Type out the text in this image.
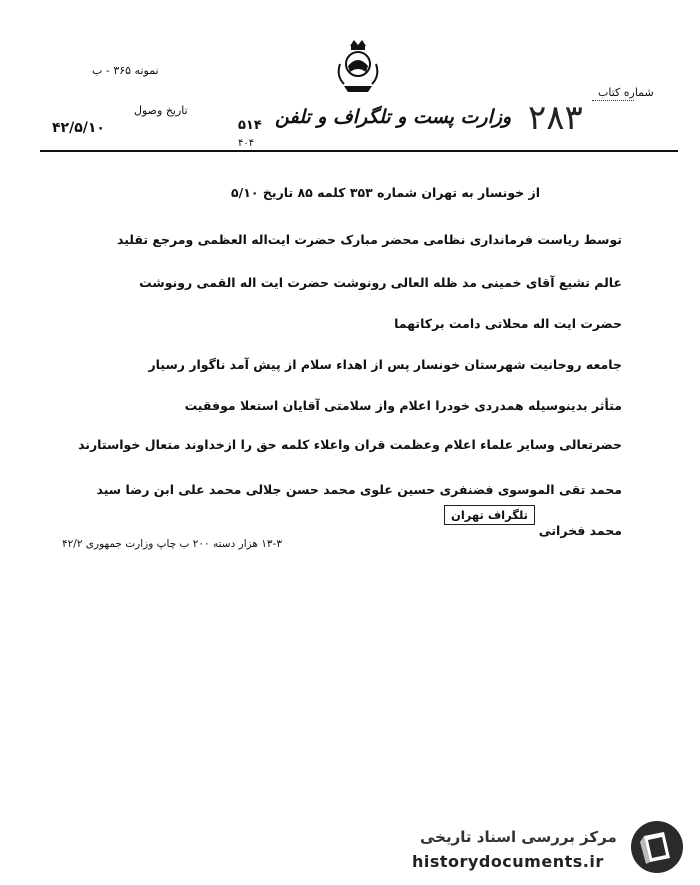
نمونه ۳۶۵ - ب
تاریخ وصول
۴۲/۵/۱۰	وزارت پست و تلگراف و تلفن
۵۱۴
۴۰۴
شماره کتاب
۲۸۳
از خونسار به تهران شماره ۳۵۳ کلمه ۸۵ تاریخ ۵/۱۰
توسط ریاست فرمانداری نظامی محضر مبارک حضرت ایت‌اله العظمی ومرجع تقلید
عالم تشیع آقای خمینی مد ظله العالی رونوشت حضرت ایت اله القمی رونوشت
حضرت ایت اله محلاتی دامت برکاتهما
جامعه روحانیت شهرستان خونسار پس از اهداء سلام از پیش آمد ناگوار رسیار
متأثر بدینوسیله همدردی خودرا اعلام واز سلامتی آقایان استعلا موفقیت
حضرتعالی وسایر علماء اعلام وعظمت قران واعلاء کلمه حق را ازخداوند متعال خواستارند
محمد تقی الموسوی فضنفری حسین علوی محمد حسن جلالی محمد علی ابن رضا سید
تلگراف تهران
محمد فخراتی
۱۳-۳ هزار دسته ۲۰۰ ب چاپ وزارت جمهوری ۴۲/۲
مرکز بررسی اسناد تاریخی
historydocuments.ir
